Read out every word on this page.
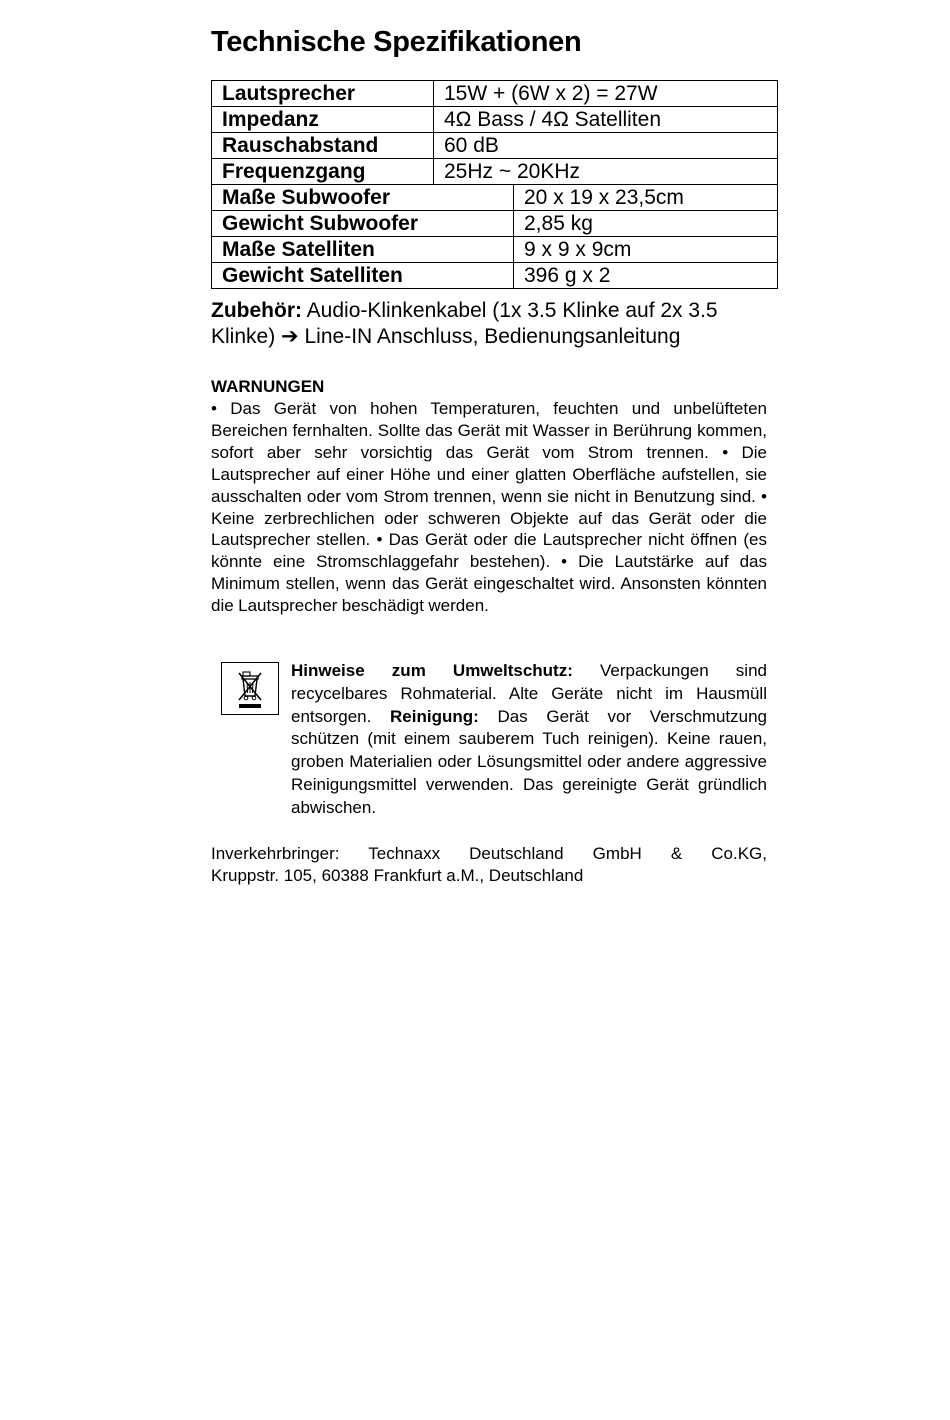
Technische Spezifikationen
Lautsprecher	15W + (6W x 2) = 27W	
Impedanz	4Ω Bass / 4Ω Satelliten	
Rauschabstand	60 dB	
Frequenzgang	25Hz ~ 20KHz	
Maße Subwoofer		20 x 19 x 23,5cm
Gewicht Subwoofer		2,85 kg
Maße Satelliten		9 x 9 x 9cm
Gewicht Satelliten		396 g x 2
Zubehör: Audio-Klinkenkabel (1x 3.5 Klinke auf 2x 3.5 Klinke) ➔ Line-IN Anschluss, Bedienungsanleitung
WARNUNGEN

• Das Gerät von hohen Temperaturen, feuchten und unbelüfteten Bereichen fernhalten. Sollte das Gerät mit Wasser in Berührung kommen, sofort aber sehr vorsichtig das Gerät vom Strom trennen. • Die Lautsprecher auf einer Höhe und einer glatten Oberfläche aufstellen, sie ausschalten oder vom Strom trennen, wenn sie nicht in Benutzung sind. • Keine zerbrechlichen oder schweren Objekte auf das Gerät oder die Lautsprecher stellen. • Das Gerät oder die Lautsprecher nicht öffnen (es könnte eine Stromschlaggefahr bestehen). • Die Lautstärke auf das Minimum stellen, wenn das Gerät eingeschaltet wird. Ansonsten könnten die Lautsprecher beschädigt werden.

Hinweise zum Umweltschutz: Verpackungen sind recycelbares Rohmaterial. Alte Geräte nicht im Hausmüll entsorgen. Reinigung: Das Gerät vor Verschmutzung schützen (mit einem sauberem Tuch reinigen). Keine rauen, groben Materialien oder Lösungsmittel oder andere aggressive Reinigungsmittel verwenden. Das gereinigte Gerät gründlich abwischen.

Inverkehrbringer: Technaxx Deutschland GmbH & Co.KG,
Kruppstr. 105, 60388 Frankfurt a.M., Deutschland
